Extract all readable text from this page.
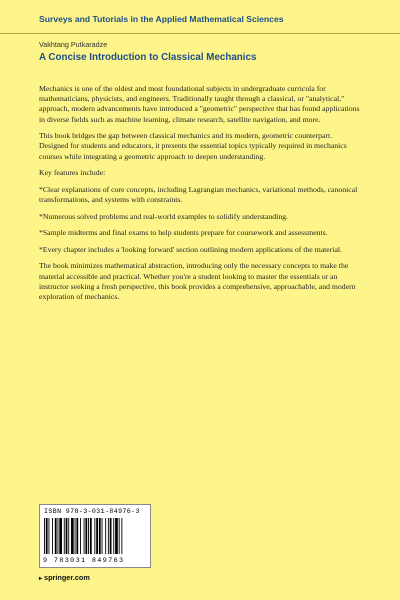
Surveys and Tutorials in the Applied Mathematical Sciences
Vakhtang Putkaradze
A Concise Introduction to Classical Mechanics

Mechanics is one of the oldest and most foundational subjects in undergraduate curricula for mathematicians, physicists, and engineers. Traditionally taught through a classical, or "analytical," approach, modern advancements have introduced a "geometric" perspective that has found applications in diverse fields such as machine learning, climate research, satellite navigation, and more.

This book bridges the gap between classical mechanics and its modern, geometric counterpart. Designed for students and educators, it presents the essential topics typically required in mechanics courses while integrating a geometric approach to deepen understanding.

Key features include:

*Clear explanations of core concepts, including Lagrangian mechanics, variational methods, canonical transformations, and systems with constraints.

*Numerous solved problems and real-world examples to solidify understanding.

*Sample midterms and final exams to help students prepare for coursework and assessments.

*Every chapter includes a 'looking forward' section outlining modern applications of the material.

The book minimizes mathematical abstraction, introducing only the necessary concepts to make the material accessible and practical. Whether you're a student looking to master the essentials or an instructor seeking a fresh perspective, this book provides a comprehensive, approachable, and modern exploration of mechanics.

ISBN 978-3-031-84976-3
9 783031 849763
▸ springer.com
